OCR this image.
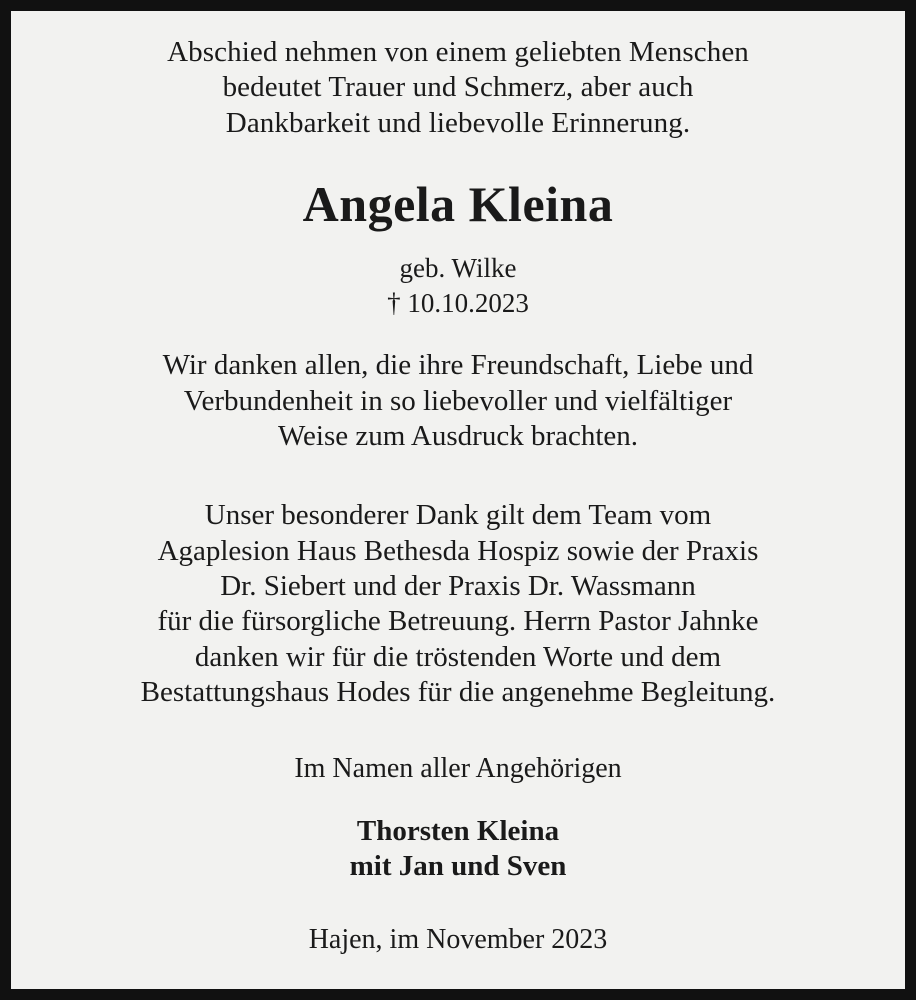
Abschied nehmen von einem geliebten Menschen

bedeutet Trauer und Schmerz, aber auch

Dankbarkeit und liebevolle Erinnerung.

Angela Kleina
geb. Wilke
† 10.10.2023

Wir danken allen, die ihre Freundschaft, Liebe und

Verbundenheit in so liebevoller und vielfältiger

Weise zum Ausdruck brachten.

Unser besonderer Dank gilt dem Team vom

Agaplesion Haus Bethesda Hospiz sowie der Praxis

Dr. Siebert und der Praxis Dr. Wassmann

für die fürsorgliche Betreuung. Herrn Pastor Jahnke

danken wir für die tröstenden Worte und dem

Bestattungshaus Hodes für die angenehme Begleitung.

Im Namen aller Angehörigen

Thorsten Kleina

mit Jan und Sven

Hajen, im November 2023
